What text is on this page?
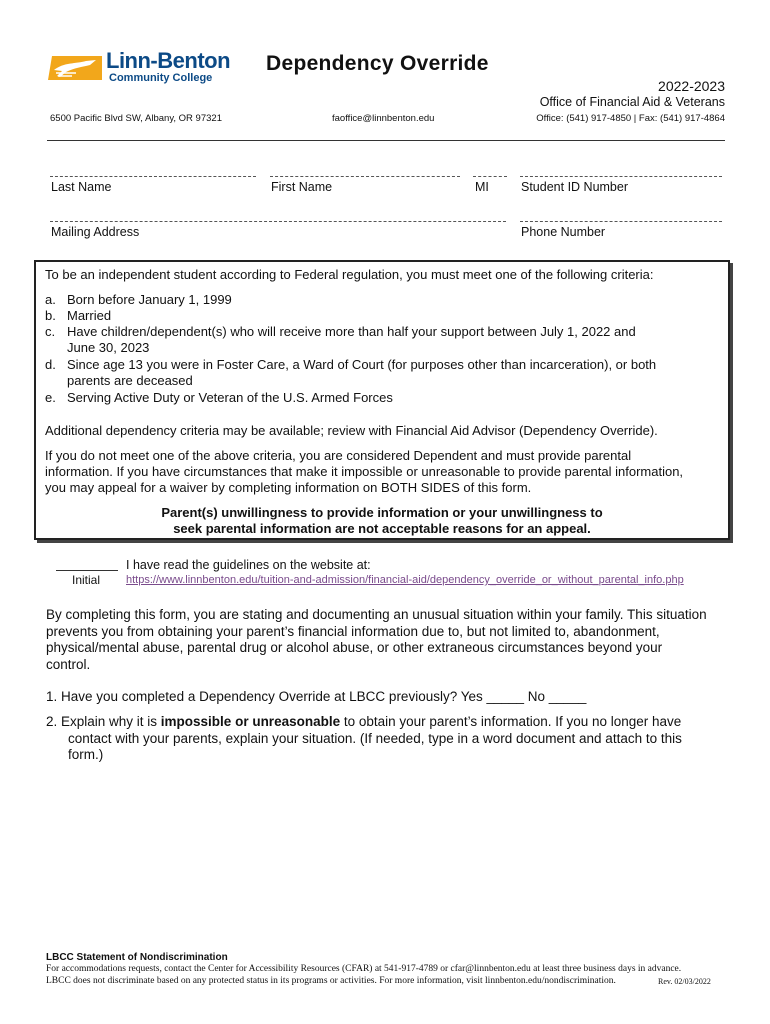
Linn-Benton
Community College
Dependency Override
2022-2023
Office of Financial Aid & Veterans
6500 Pacific Blvd SW, Albany, OR 97321	faoffice@linnbenton.edu	Office: (541) 917-4850 | Fax: (541) 917-4864
Last Name	First Name	MI	Student ID Number
Mailing Address	Phone Number
To be an independent student according to Federal regulation, you must meet one of the following criteria:
a. Born before January 1, 1999
b. Married
c. Have children/dependent(s) who will receive more than half your support between July 1, 2022 and
June 30, 2023
d. Since age 13 you were in Foster Care, a Ward of Court (for purposes other than incarceration), or both
parents are deceased
e. Serving Active Duty or Veteran of the U.S. Armed Forces
Additional dependency criteria may be available; review with Financial Aid Advisor (Dependency Override).
If you do not meet one of the above criteria, you are considered Dependent and must provide parental
information. If you have circumstances that make it impossible or unreasonable to provide parental information,
you may appeal for a waiver by completing information on BOTH SIDES of this form.
Parent(s) unwillingness to provide information or your unwillingness to
seek parental information are not acceptable reasons for an appeal.
Initial
I have read the guidelines on the website at:
https://www.linnbenton.edu/tuition-and-admission/financial-aid/dependency_override_or_without_parental_info.php
By completing this form, you are stating and documenting an unusual situation within your family. This situation
prevents you from obtaining your parent’s financial information due to, but not limited to, abandonment,
physical/mental abuse, parental drug or alcohol abuse, or other extraneous circumstances beyond your
control.
1. Have you completed a Dependency Override at LBCC previously? Yes _____ No _____
2. Explain why it is impossible or unreasonable to obtain your parent’s information. If you no longer have
contact with your parents, explain your situation. (If needed, type in a word document and attach to this
form.)
LBCC Statement of Nondiscrimination
For accommodations requests, contact the Center for Accessibility Resources (CFAR) at 541-917-4789 or cfar@linnbenton.edu at least three business days in advance.
LBCC does not discriminate based on any protected status in its programs or activities. For more information, visit linnbenton.edu/nondiscrimination.	Rev. 02/03/2022
